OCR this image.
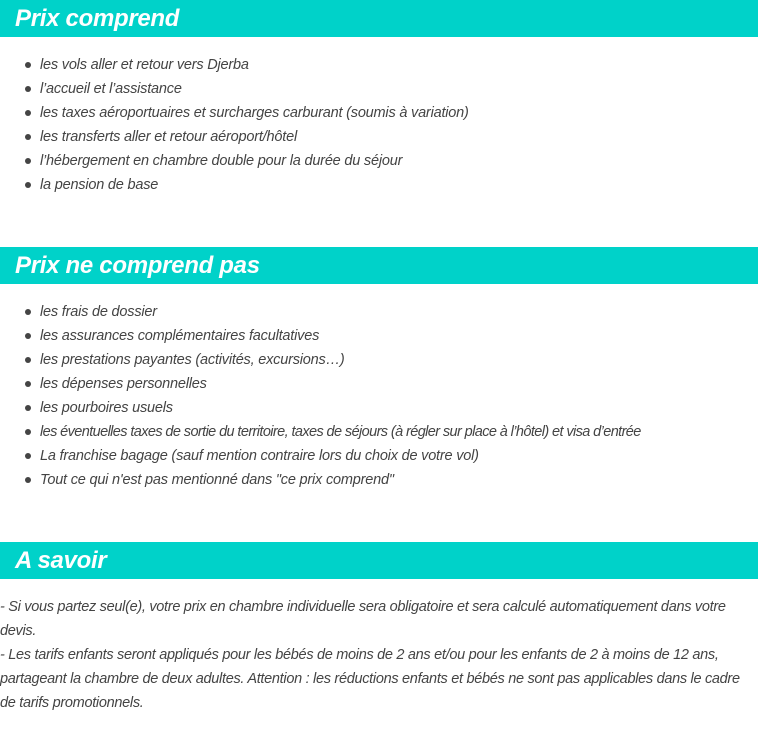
Prix comprend
les vols aller et retour vers Djerba
l’accueil et l’assistance
les taxes aéroportuaires et surcharges carburant (soumis à variation)
les transferts aller et retour aéroport/hôtel
l’hébergement en chambre double pour la durée du séjour
la pension de base
Prix ne comprend pas
les frais de dossier
les assurances complémentaires facultatives
les prestations payantes (activités, excursions…)
les dépenses personnelles
les pourboires usuels
les éventuelles taxes de sortie du territoire, taxes de séjours (à régler sur place à l’hôtel) et visa d’entrée
La franchise bagage (sauf mention contraire lors du choix de votre vol)
Tout ce qui n'est pas mentionné dans "ce prix comprend"
A savoir

- Si vous partez seul(e), votre prix en chambre individuelle sera obligatoire et sera calculé automatiquement dans votre devis.

- Les tarifs enfants seront appliqués pour les bébés de moins de 2 ans et/ou pour les enfants de 2 à moins de 12 ans, partageant la chambre de deux adultes. Attention : les réductions enfants et bébés ne sont pas applicables dans le cadre de tarifs promotionnels.
